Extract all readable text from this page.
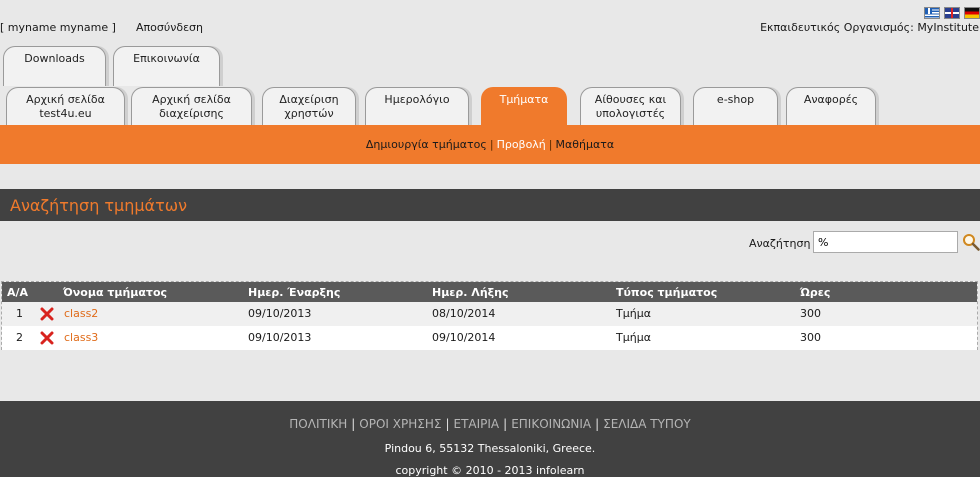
[ myname myname ] Αποσύνδεση	Εκπαιδευτικός Οργανισμός: MyInstitute
Downloads	Επικοινωνία
Αρχική σελίδα
test4u.eu
Αρχική σελίδα
διαχείρισης
Διαχείριση
χρηστών
Ημερολόγιο	Τμήματα	Αίθουσες και
υπολογιστές
e-shop	Αναφορές
Δημιουργία τμήματος | Προβολή | Μαθήματα
Αναζήτηση τμημάτων
Αναζήτηση
%
Α/Α	Όνομα τμήματος	Ημερ. Έναρξης	Ημερ. Λήξης	Τύπος τμήματος	Ώρες
1	class2	09/10/2013	08/10/2014	Τμήμα	300
2	class3	09/10/2013	09/10/2014	Τμήμα	300
ΠΟΛΙΤΙΚΗ | ΟΡΟΙ ΧΡΗΣΗΣ | ΕΤΑΙΡΙΑ | ΕΠΙΚΟΙΝΩΝΙΑ | ΣΕΛΙΔΑ ΤΥΠΟΥ
Pindou 6, 55132 Thessaloniki, Greece.
copyright © 2010 - 2013 infolearn
